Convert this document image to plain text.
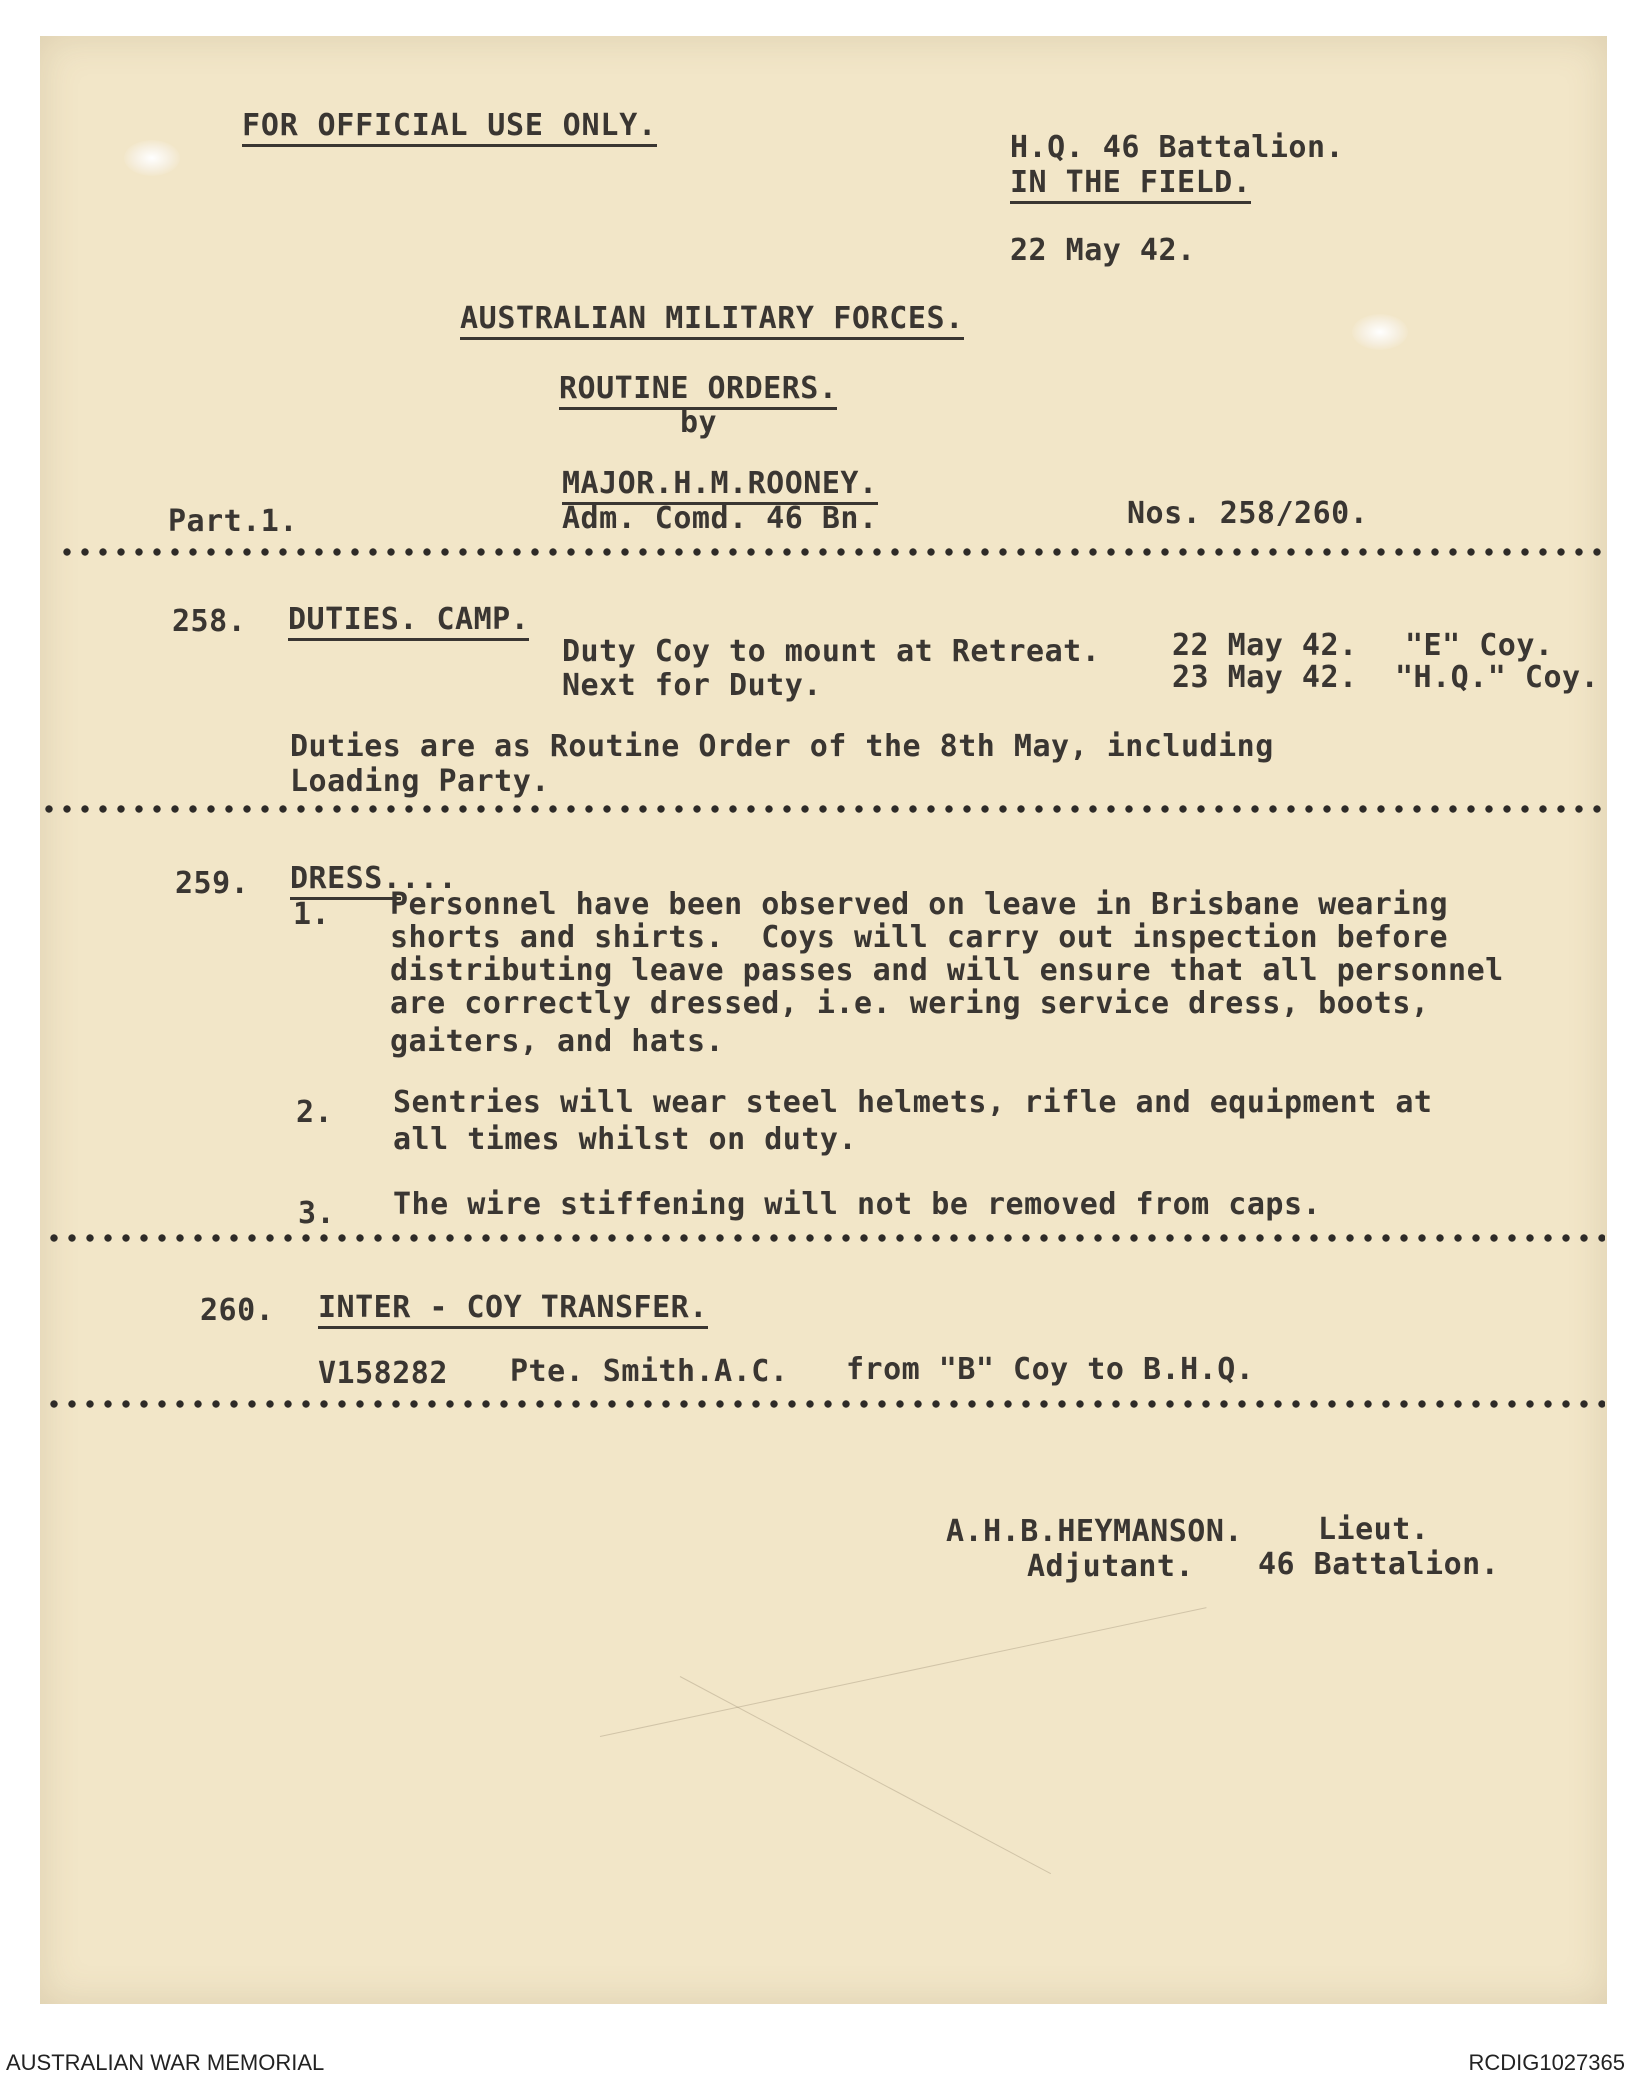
FOR OFFICIAL USE ONLY.
H.Q. 46 Battalion.
IN THE FIELD.
22 May 42.
AUSTRALIAN MILITARY FORCES.
ROUTINE ORDERS.
by
MAJOR.H.M.ROONEY.
Part.1.	Adm. Comd. 46 Bn.	Nos. 258/260.
258. DUTIES. CAMP.
Duty Coy to mount at Retreat. 22 May 42. "E" Coy.
Next for Duty.	23 May 42. "H.Q." Coy.
Duties are as Routine Order of the 8th May, including
Loading Party.
259. DRESS....
1. Personnel have been observed on leave in Brisbane wearing
shorts and shirts.  Coys will carry out inspection before
distributing leave passes and will ensure that all personnel
are correctly dressed, i.e. wering service dress, boots,
gaiters, and hats.
2. Sentries will wear steel helmets, rifle and equipment at
all times whilst on duty.
3. The wire stiffening will not be removed from caps.
260. INTER - COY TRANSFER.
V158282 Pte. Smith.A.C. from "B" Coy to B.H.Q.
A.H.B.HEYMANSON.	Lieut.
Adjutant. 46 Battalion.
AUSTRALIAN WAR MEMORIAL	RCDIG1027365
